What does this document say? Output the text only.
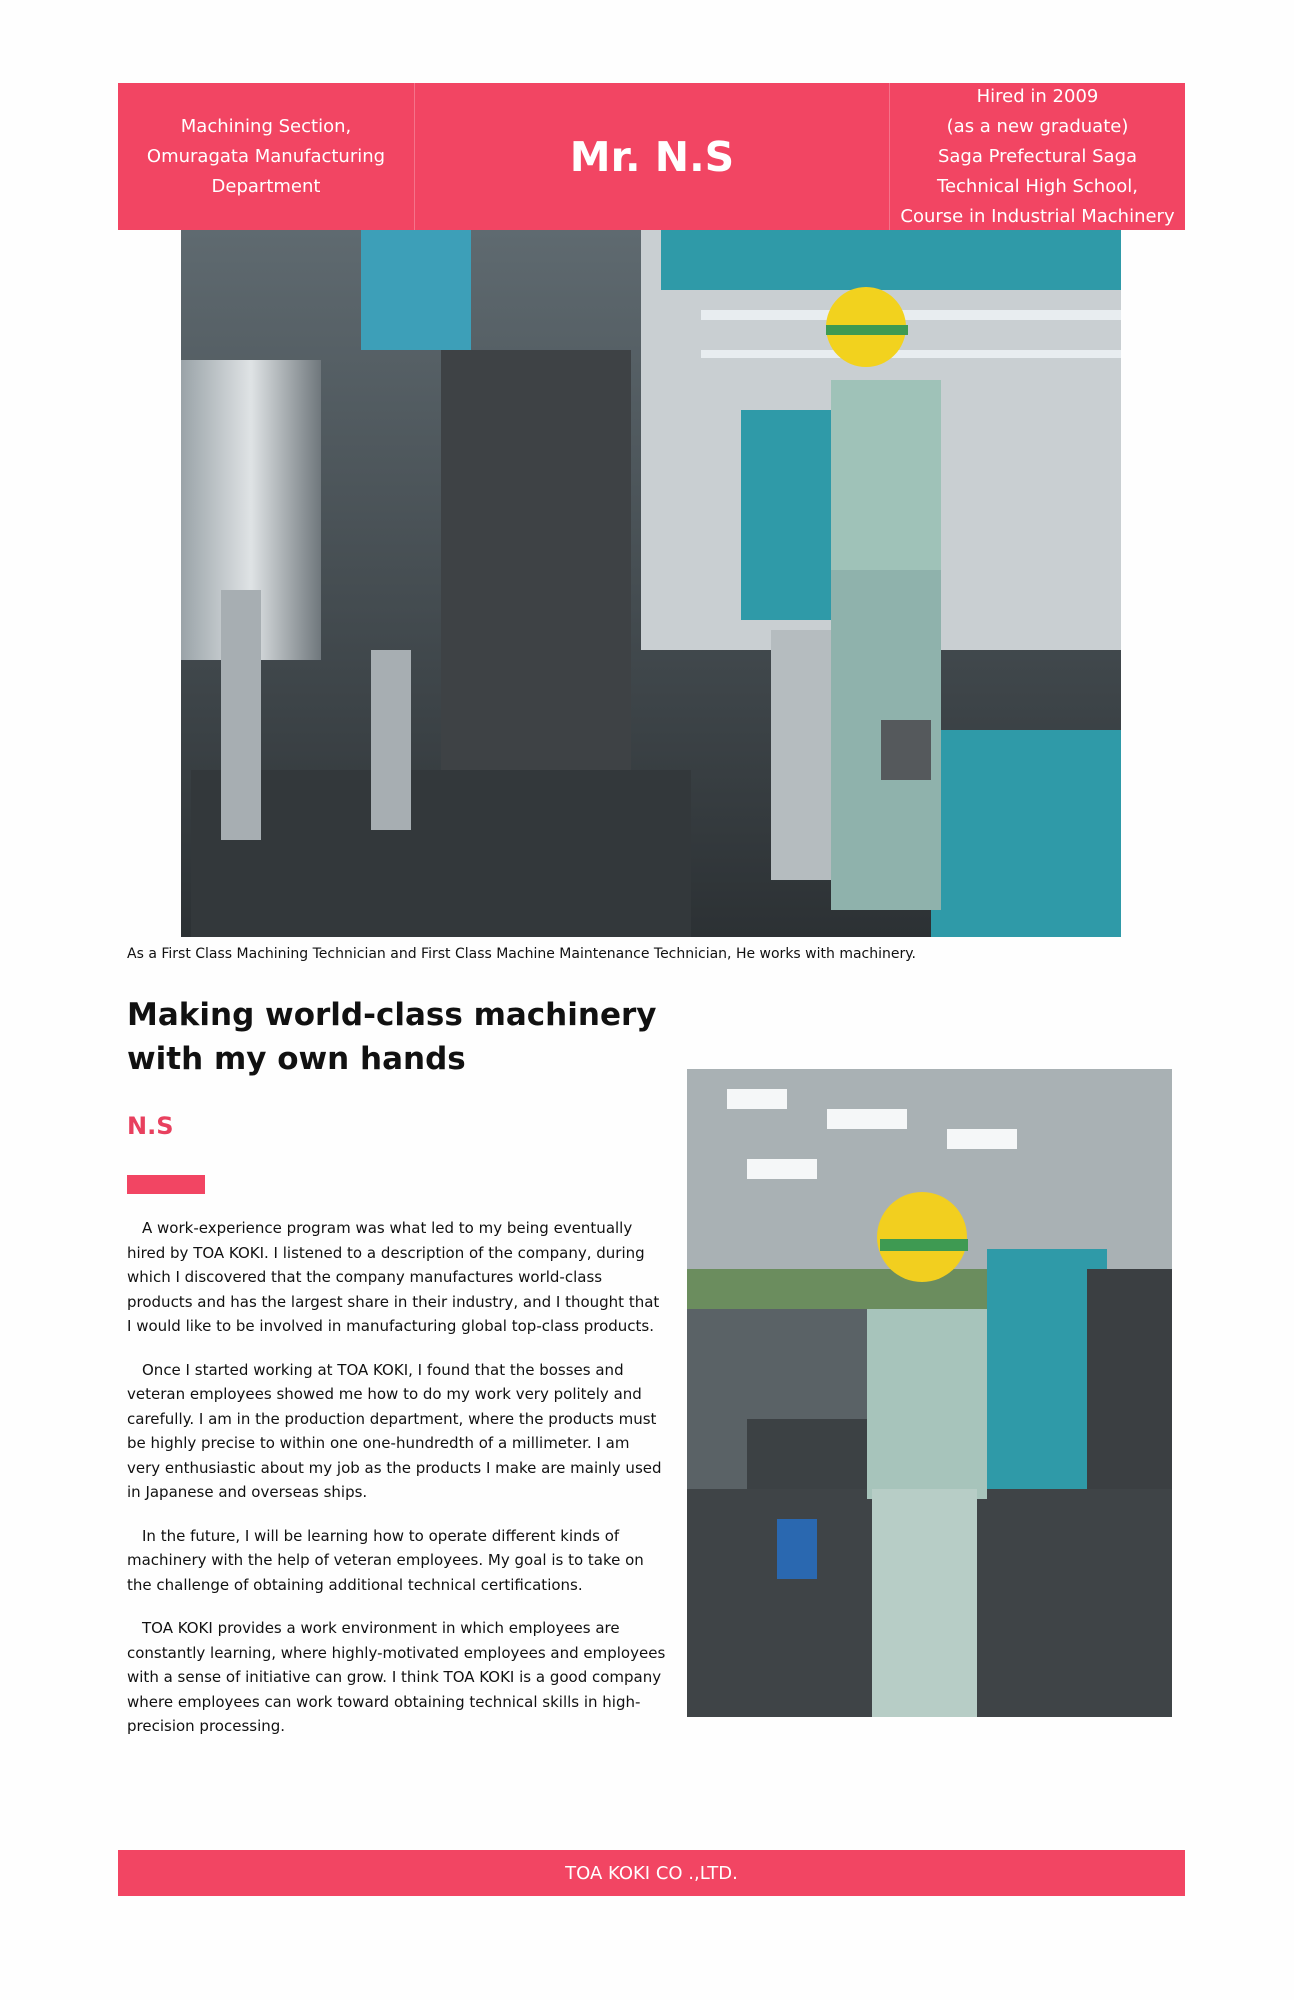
Machining Section,
Omuragata Manufacturing
Department
Mr. N.S
Hired in 2009
(as a new graduate)
Saga Prefectural Saga
Technical High School,
Course in Industrial Machinery
As a First Class Machining Technician and First Class Machine Maintenance Technician, He works with machinery.
Making world-class machinery
with my own hands
N.S

A work-experience program was what led to my being eventually hired by TOA KOKI. I listened to a description of the company, during which I discovered that the company manufactures world-class products and has the largest share in their industry, and I thought that I would like to be involved in manufacturing global top-class products.

Once I started working at TOA KOKI, I found that the bosses and veteran employees showed me how to do my work very politely and carefully. I am in the production department, where the products must be highly precise to within one one-hundredth of a millimeter. I am very enthusiastic about my job as the products I make are mainly used in Japanese and overseas ships.

In the future, I will be learning how to operate different kinds of machinery with the help of veteran employees. My goal is to take on the challenge of obtaining additional technical certifications.

TOA KOKI provides a work environment in which employees are constantly learning, where highly-motivated employees and employees with a sense of initiative can grow. I think TOA KOKI is a good company where employees can work toward obtaining technical skills in high-precision processing.

TOA KOKI CO .,LTD.
